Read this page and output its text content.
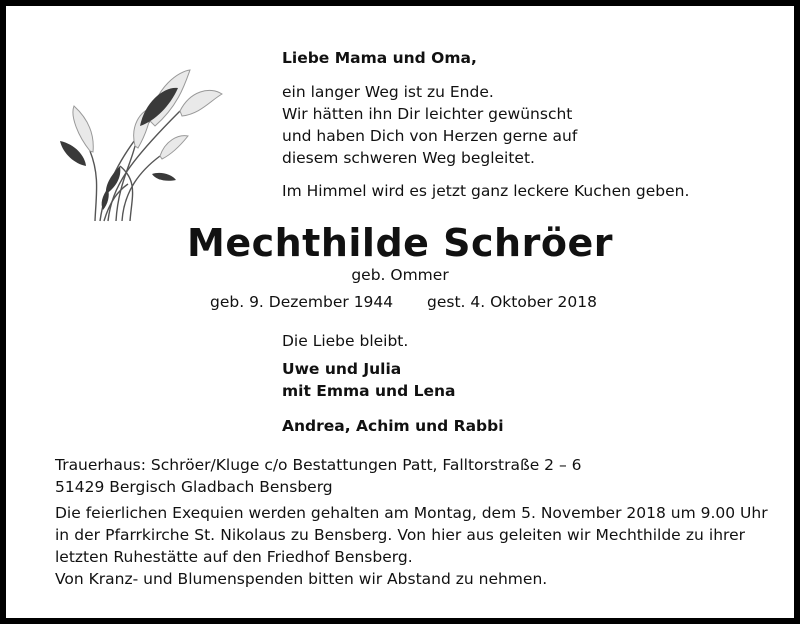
Liebe Mama und Oma,
ein langer Weg ist zu Ende.
Wir hätten ihn Dir leichter gewünscht
und haben Dich von Herzen gerne auf
diesem schweren Weg begleitet.
Im Himmel wird es jetzt ganz leckere Kuchen geben.
Mechthilde Schröer
geb. Ommer
geb. 9. Dezember 1944 gest. 4. Oktober 2018
Die Liebe bleibt.
Uwe und Julia
mit Emma und Lena
Andrea, Achim und Rabbi
Trauerhaus: Schröer/Kluge c/o Bestattungen Patt, Falltorstraße 2 – 6
51429 Bergisch Gladbach Bensberg
Die feierlichen Exequien werden gehalten am Montag, dem 5. November 2018 um 9.00 Uhr
in der Pfarrkirche St. Nikolaus zu Bensberg. Von hier aus geleiten wir Mechthilde zu ihrer
letzten Ruhestätte auf den Friedhof Bensberg.
Von Kranz- und Blumenspenden bitten wir Abstand zu nehmen.
